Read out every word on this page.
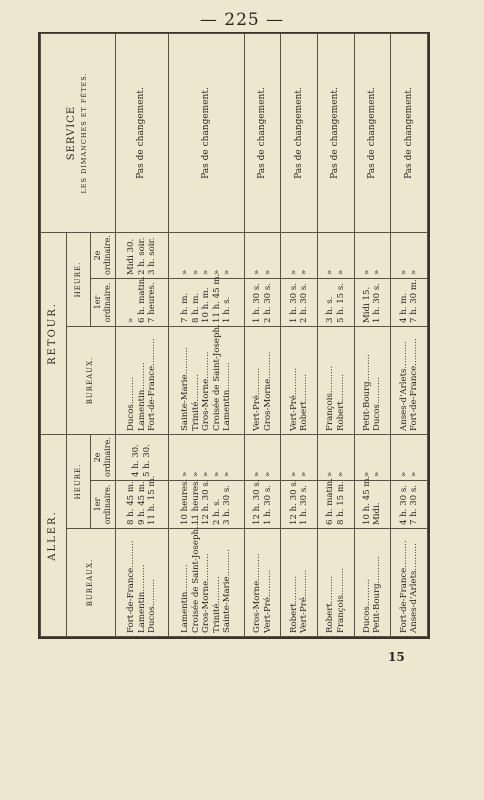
— 225 —
ALLER.			RETOUR.			SERVICE LES DIMANCHES ET FÊTES.

BUREAUX.	HEURE.		BUREAUX.	HEURE.		
	1er ordinaire.	2e ordinaire.		1er ordinaire.	2e ordinaire.	

Fort-de-France.......... Lamentin.......... Ducos..........	8 h. 45 m. 9 h. 45 m. 11 h. 15 m.	4 h. 30. 5 h. 30.	Ducos.......... Lamentin.......... Fort-de-France..........	» 6 h. matin. 7 heures.	Midi 30. 2 h. soir. 3 h. soir.	Pas de changement.

Lamentin.......... Croisée de Saint-Joseph.... Gros-Morne.......... Trinité.......... Sainte-Marie..........	10 heures. 11 heures. 12 h. 30 s. 2 h. s. 3 h. 30 s.	» » » » »	Sainte-Marie.......... Trinité.......... Gros-Morne.......... Croisée de Saint-Joseph. Lamentin..........	7 h. m. 8 h. m. 10 h. m. 11 h. 45 m. 1 h. s.	» » » » »	Pas de changement.

Gros-Morne.......... Vert-Pré..........	12 h. 30 s. 1 h. 30 s.	» »	Vert-Pré.......... Gros-Morne..........	1 h. 30 s. 2 h. 30 s.	» »	Pas de changement.

Robert.......... Vert-Pré..........	12 h. 30 s. 1 h. 30 s.	» »	Vert-Pré.......... Robert..........	1 h. 30 s. 2 h. 30 s.	» »	Pas de changement.

Robert.......... François..........	6 h. matin. 8 h. 15 m.	» »	François.......... Robert..........	3 h. s. 5 h. 15 s.	» »	Pas de changement.

Ducos.......... Petit-Bourg..........	10 h. 45 m. Midi.	» »	Petit-Bourg.......... Ducos..........	Midi 15. 1 h. 30 s.	» »	Pas de changement.

Fort-de-France.......... Anses-d'Arlets..........	4 h. 30 s. 7 h. 30 s.	» »	Anses-d'Arlets.......... Fort-de-France..........	4 h. m. 7 h. 30 m.	» »	Pas de changement.
15
